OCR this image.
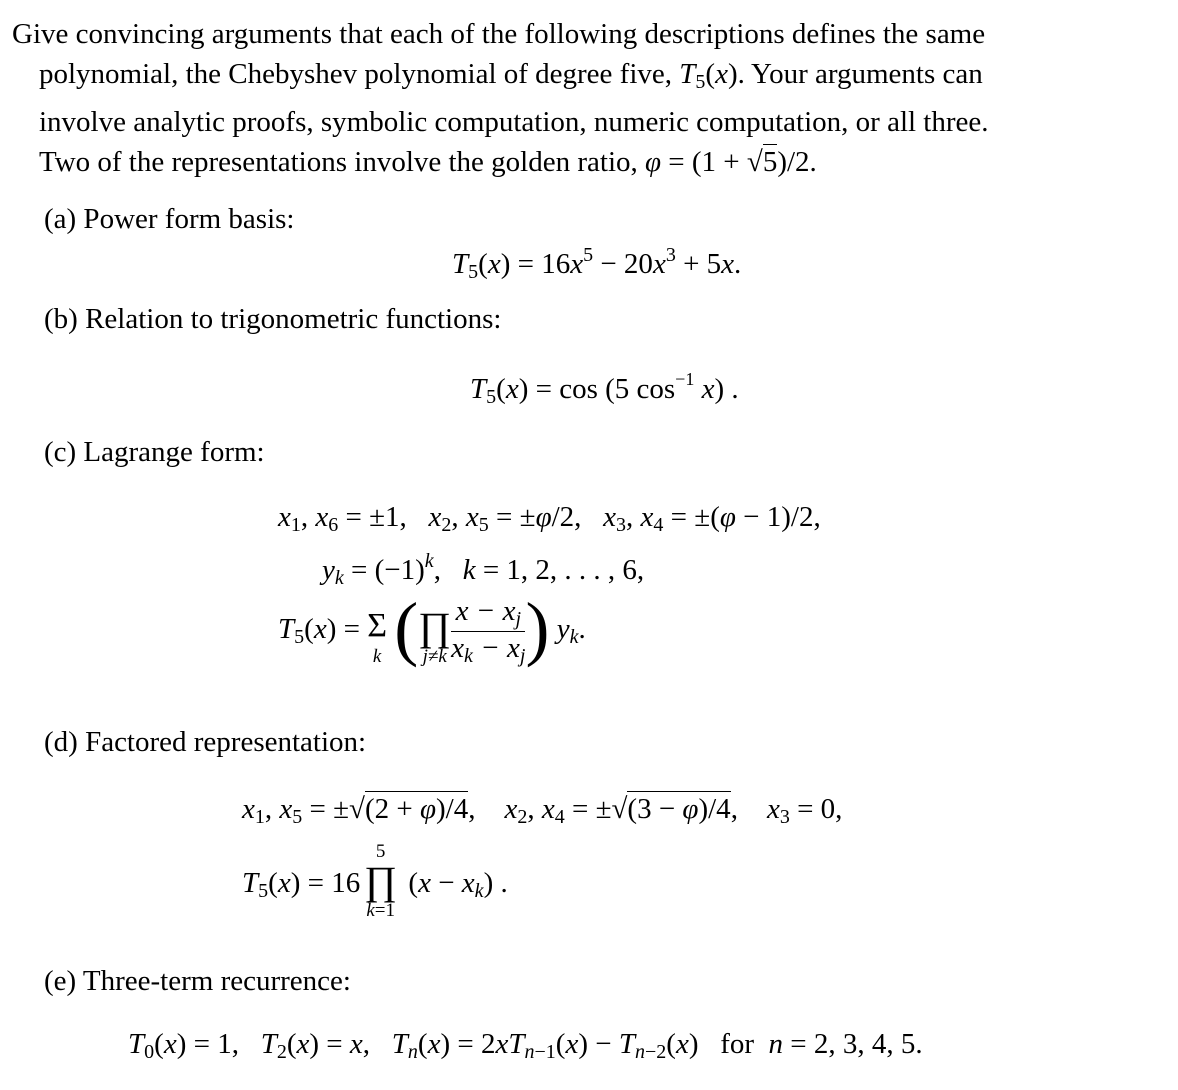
Give convincing arguments that each of the following descriptions defines the same

polynomial, the Chebyshev polynomial of degree five, $T_5(x)$. Your arguments can

involve analytic proofs, symbolic computation, numeric computation, or all three.

Two of the representations involve the golden ratio, φ = (1 + √5)/2.

(a) Power form basis:
$T_5(x) = 16x^5 - 20x^3 + 5x$.
(b) Relation to trigonometric functions:
$T_5(x) = \cos (5$ $\cos^{-1} x$) .
(c) Lagrange form:
$x_1$, $x_6 = \pm 1$,   $x_2$, $x_5 = \pm\varphi/2$,   $x_3$, $x_4 = \pm(\varphi - 1)/2$,
$y_k = (-1)^k$,   k = 1, 2, . . . , 6,
$T_5(x) = \Sigma$
k ( ∏
$j\ne k \frac{x - x_j}{x_k - x_j}$ ) $y_k$.
(d) Factored representation:
$x_1$, $x_5 = \pm√(2 + \varphi)/4$,    $x_2$, $x_4 = \pm√(3 - \varphi)/4$,    $x_3 = 0$,
$T_5(x) = 16$
5
∏
k=1
$(x - x_k)$ .
(e) Three-term recurrence:
$T_0(x) = 1$,   $T_2(x) = x$,   $T_n(x) = 2xT_{n-1}(x) - T_{n-2}(x)$   for  n = 2, 3, 4, 5.
